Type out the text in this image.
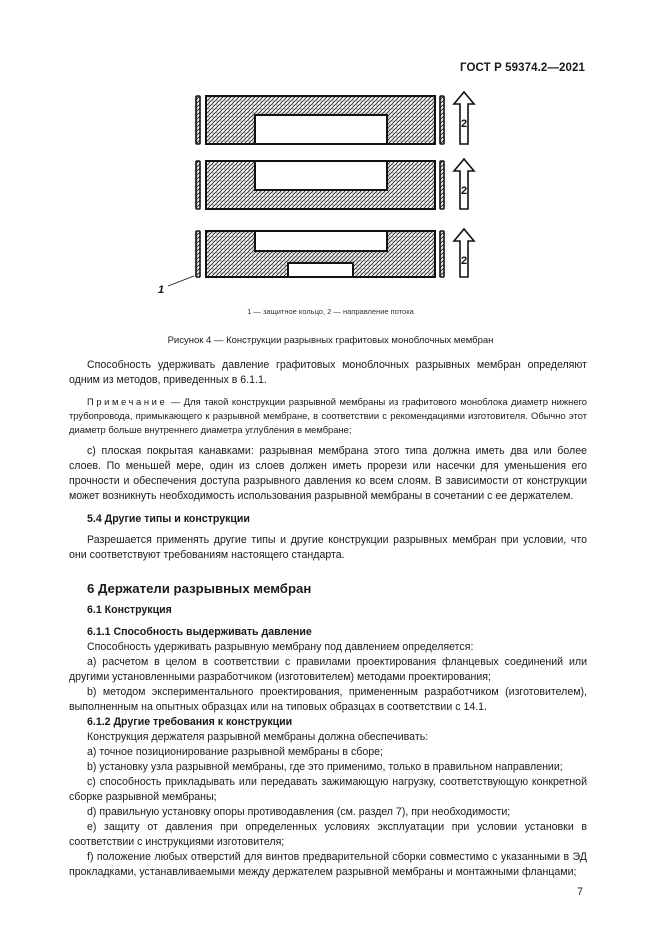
ГОСТ Р 59374.2—2021
2
2
2
1
1 — защитное кольцо, 2 — направление потока
Рисунок 4 — Конструкции разрывных графитовых моноблочных мембран

Способность удерживать давление графитовых моноблочных разрывных мембран определяют одним из методов, приведенных в 6.1.1.

Примечание — Для такой конструкции разрывной мембраны из графитового моноблока диаметр нижнего трубопровода, примыкающего к разрывной мембране, в соответствии с рекомендациями изготовителя. Обычно этот диаметр больше внутреннего диаметра углубления в мембране;

c) плоская покрытая канавками: разрывная мембрана этого типа должна иметь два или более слоев. По меньшей мере, один из слоев должен иметь прорези или насечки для уменьшения его прочности и обеспечения доступа разрывного давления ко всем слоям. В зависимости от конструкции может возникнуть необходимость использования разрывной мембраны в сочетании с ее держателем.

5.4 Другие типы и конструкции

Разрешается применять другие типы и другие конструкции разрывных мембран при условии, что они соответствуют требованиям настоящего стандарта.

6 Держатели разрывных мембран

6.1 Конструкция

6.1.1 Способность выдерживать давление

Способность удерживать разрывную мембрану под давлением определяется:

a) расчетом в целом в соответствии с правилами проектирования фланцевых соединений или другими установленными разработчиком (изготовителем) методами проектирования;

b) методом экспериментального проектирования, примененным разработчиком (изготовителем), выполненным на опытных образцах или на типовых образцах в соответствии с 14.1.

6.1.2 Другие требования к конструкции

Конструкция держателя разрывной мембраны должна обеспечивать:

a) точное позиционирование разрывной мембраны в сборе;

b) установку узла разрывной мембраны, где это применимо, только в правильном направлении;

c) способность прикладывать или передавать зажимающую нагрузку, соответствующую конкретной сборке разрывной мембраны;

d) правильную установку опоры противодавления (см. раздел 7), при необходимости;

e) защиту от давления при определенных условиях эксплуатации при условии установки в соответствии с инструкциями изготовителя;

f) положение любых отверстий для винтов предварительной сборки совместимо с указанными в ЭД прокладками, устанавливаемыми между держателем разрывной мембраны и монтажными фланцами;

7
